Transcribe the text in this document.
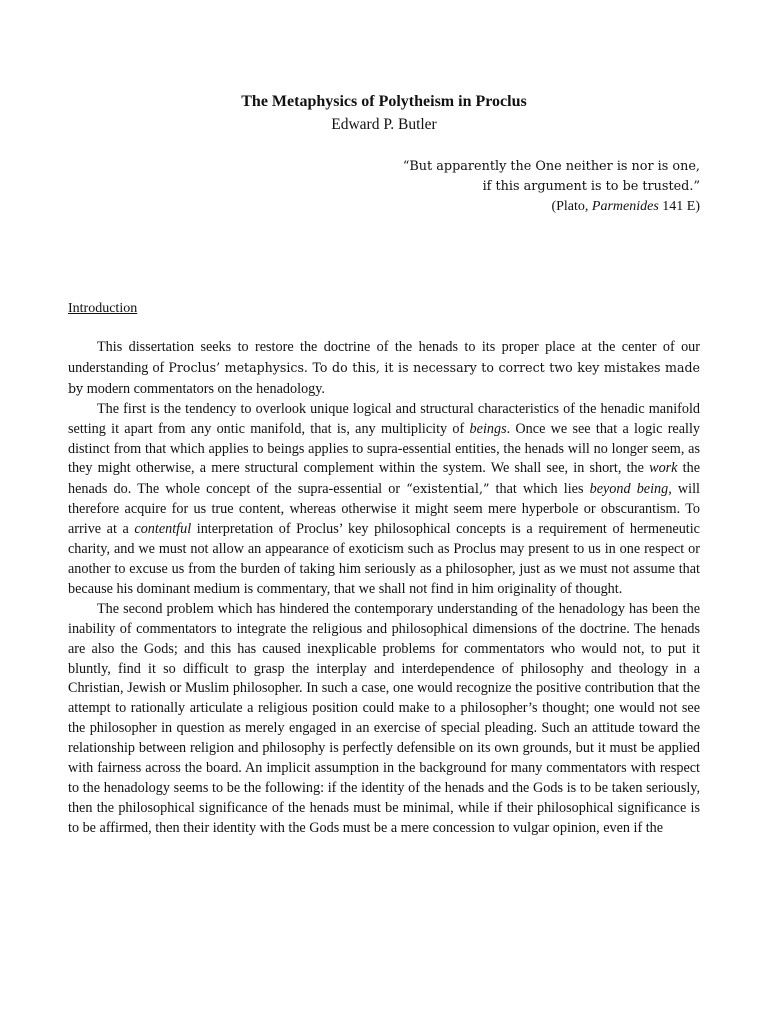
The Metaphysics of Polytheism in Proclus
Edward P. Butler
“But apparently the One neither is nor is one,
if this argument is to be trusted.”
(Plato, Parmenides 141 E)
Introduction

This dissertation seeks to restore the doctrine of the henads to its proper place at the center of our understanding of Proclus’ metaphysics. To do this, it is necessary to correct two key mistakes made by modern commentators on the henadology.

The first is the tendency to overlook unique logical and structural characteristics of the henadic manifold setting it apart from any ontic manifold, that is, any multiplicity of beings. Once we see that a logic really distinct from that which applies to beings applies to supra-essential entities, the henads will no longer seem, as they might otherwise, a mere structural complement within the system. We shall see, in short, the work the henads do. The whole concept of the supra-essential or “existential,” that which lies beyond being, will therefore acquire for us true content, whereas otherwise it might seem mere hyperbole or obscurantism. To arrive at a contentful interpretation of Proclus’ key philosophical concepts is a requirement of hermeneutic charity, and we must not allow an appearance of exoticism such as Proclus may present to us in one respect or another to excuse us from the burden of taking him seriously as a philosopher, just as we must not assume that because his dominant medium is commentary, that we shall not find in him originality of thought.

The second problem which has hindered the contemporary understanding of the henadology has been the inability of commentators to integrate the religious and philosophical dimensions of the doctrine. The henads are also the Gods; and this has caused inexplicable problems for commentators who would not, to put it bluntly, find it so difficult to grasp the interplay and interdependence of philosophy and theology in a Christian, Jewish or Muslim philosopher. In such a case, one would recognize the positive contribution that the attempt to rationally articulate a religious position could make to a philosopher’s thought; one would not see the philosopher in question as merely engaged in an exercise of special pleading. Such an attitude toward the relationship between religion and philosophy is perfectly defensible on its own grounds, but it must be applied with fairness across the board. An implicit assumption in the background for many commentators with respect to the henadology seems to be the following: if the identity of the henads and the Gods is to be taken seriously, then the philosophical significance of the henads must be minimal, while if their philosophical significance is to be affirmed, then their identity with the Gods must be a mere concession to vulgar opinion, even if the
